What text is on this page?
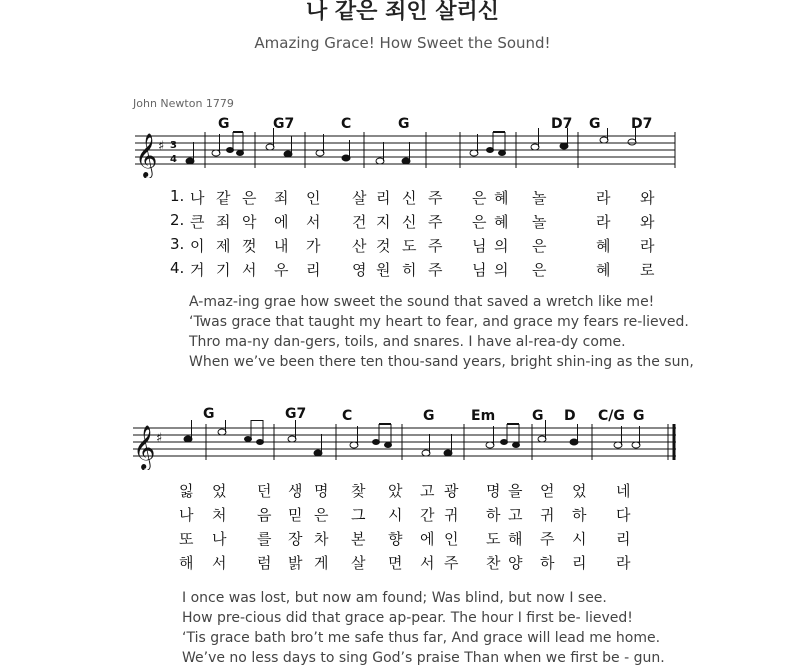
나 같은 죄인 살리신
Amazing Grace! How Sweet the Sound!
John Newton 1779
G	G7	C	G	D7 G D7
𝄞 ♯ 3
4
1. 나 같 은 죄 인 살 리 신 주 은 혜 놀	라 와
2. 큰 죄 악 에 서 건 지 신 주 은 혜 놀	라 와
3. 이 제 껏 내 가 산 것 도 주 님 의 은	혜 라
4. 거 기 서 우 리 영 원 히 주 님 의 은	혜 로
A-maz-ing grae how sweet the sound that saved a wretch like me!
‘Twas grace that taught my heart to fear, and grace my fears re-lieved.
Thro ma-ny dan-gers, toils, and snares. I have al-rea-dy come.
When we’ve been there ten thou-sand years, bright shin-ing as the sun,
G	G7	C	G	Em	G D C/G G
𝄞 ♯
잃 었 던 생 명 찾 았 고 광 명 을 얻 었 네
나 처 음 믿 은 그 시 간 귀 하 고 귀 하 다
또 나 를 장 차 본 향 에 인 도 해 주 시 리
해 서 럼 밝 게 살 면 서 주 찬 양 하 리 라
I once was lost, but now am found; Was blind, but now I see.
How pre-cious did that grace ap-pear. The hour I first be- lieved!
‘Tis grace bath bro’t me safe thus far, And grace will lead me home.
We’ve no less days to sing God’s praise Than when we first be - gun.
